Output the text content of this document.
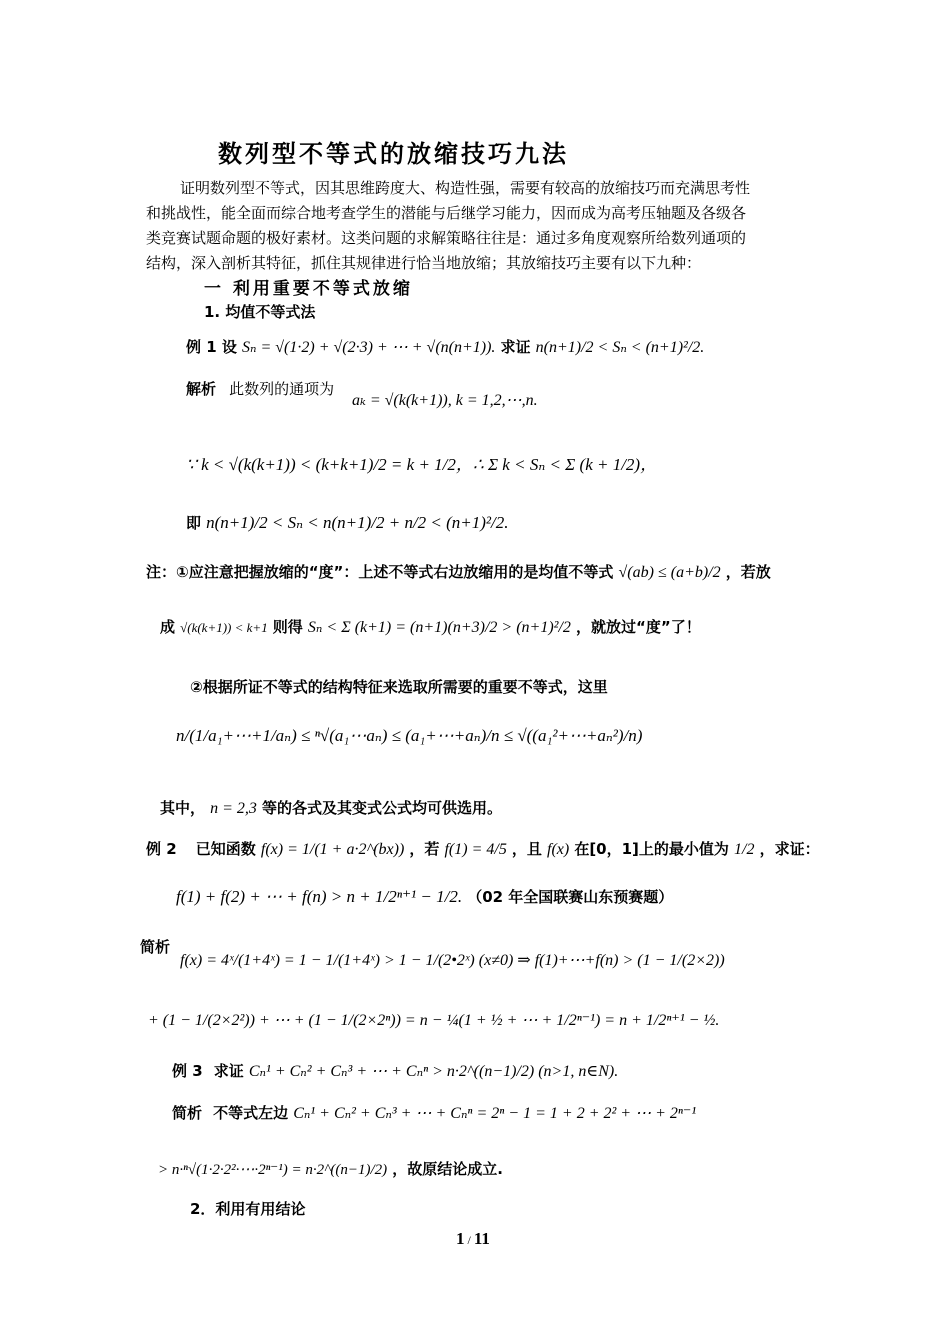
数列型不等式的放缩技巧九法
证明数列型不等式，因其思维跨度大、构造性强，需要有较高的放缩技巧而充满思考性
和挑战性，能全面而综合地考查学生的潜能与后继学习能力，因而成为高考压轴题及各级各
类竞赛试题命题的极好素材。这类问题的求解策略往往是：通过多角度观察所给数列通项的
结构，深入剖析其特征，抓住其规律进行恰当地放缩；其放缩技巧主要有以下九种：
一 利用重要不等式放缩
1. 均值不等式法
例 1 设 Sₙ = √(1·2) + √(2·3) + ⋯ + √(n(n+1)). 求证 n(n+1)/2 < Sₙ < (n+1)²/2.
解析 此数列的通项为
aₖ = √(k(k+1)), k = 1,2,⋯,n.
∵ k < √(k(k+1)) < (k+k+1)/2 = k + 1/2，∴ Σ k < Sₙ < Σ (k + 1/2)，
即 n(n+1)/2 < Sₙ < n(n+1)/2 + n/2 < (n+1)²/2.
注：①应注意把握放缩的“度”：上述不等式右边放缩用的是均值不等式 √(ab) ≤ (a+b)/2 ，若放
成 √(k(k+1)) < k+1 则得 Sₙ < Σ (k+1) = (n+1)(n+3)/2 > (n+1)²/2 ，就放过“度”了！
②根据所证不等式的结构特征来选取所需要的重要不等式，这里
n/(1/a₁+⋯+1/aₙ) ≤ ⁿ√(a₁⋯aₙ) ≤ (a₁+⋯+aₙ)/n ≤ √((a₁²+⋯+aₙ²)/n)
其中， n = 2,3 等的各式及其变式公式均可供选用。
例 2 已知函数 f(x) = 1/(1 + a·2^(bx)) ，若 f(1) = 4/5 ，且 f(x) 在[0，1]上的最小值为 1/2 ，求证：
f(1) + f(2) + ⋯ + f(n) > n + 1/2ⁿ⁺¹ − 1/2. （02 年全国联赛山东预赛题）
简析
f(x) = 4ˣ/(1+4ˣ) = 1 − 1/(1+4ˣ) > 1 − 1/(2•2ˣ) (x≠0) ⇒ f(1)+⋯+f(n) > (1 − 1/(2×2))
+ (1 − 1/(2×2²)) + ⋯ + (1 − 1/(2×2ⁿ)) = n − ¼(1 + ½ + ⋯ + 1/2ⁿ⁻¹) = n + 1/2ⁿ⁺¹ − ½.
例 3 求证 Cₙ¹ + Cₙ² + Cₙ³ + ⋯ + Cₙⁿ > n·2^((n−1)/2) (n>1, n∈N).
简析 不等式左边 Cₙ¹ + Cₙ² + Cₙ³ + ⋯ + Cₙⁿ = 2ⁿ − 1 = 1 + 2 + 2² + ⋯ + 2ⁿ⁻¹
> n·ⁿ√(1·2·2²·⋯·2ⁿ⁻¹) = n·2^((n−1)/2) ，故原结论成立.
2．利用有用结论
1 / 11
